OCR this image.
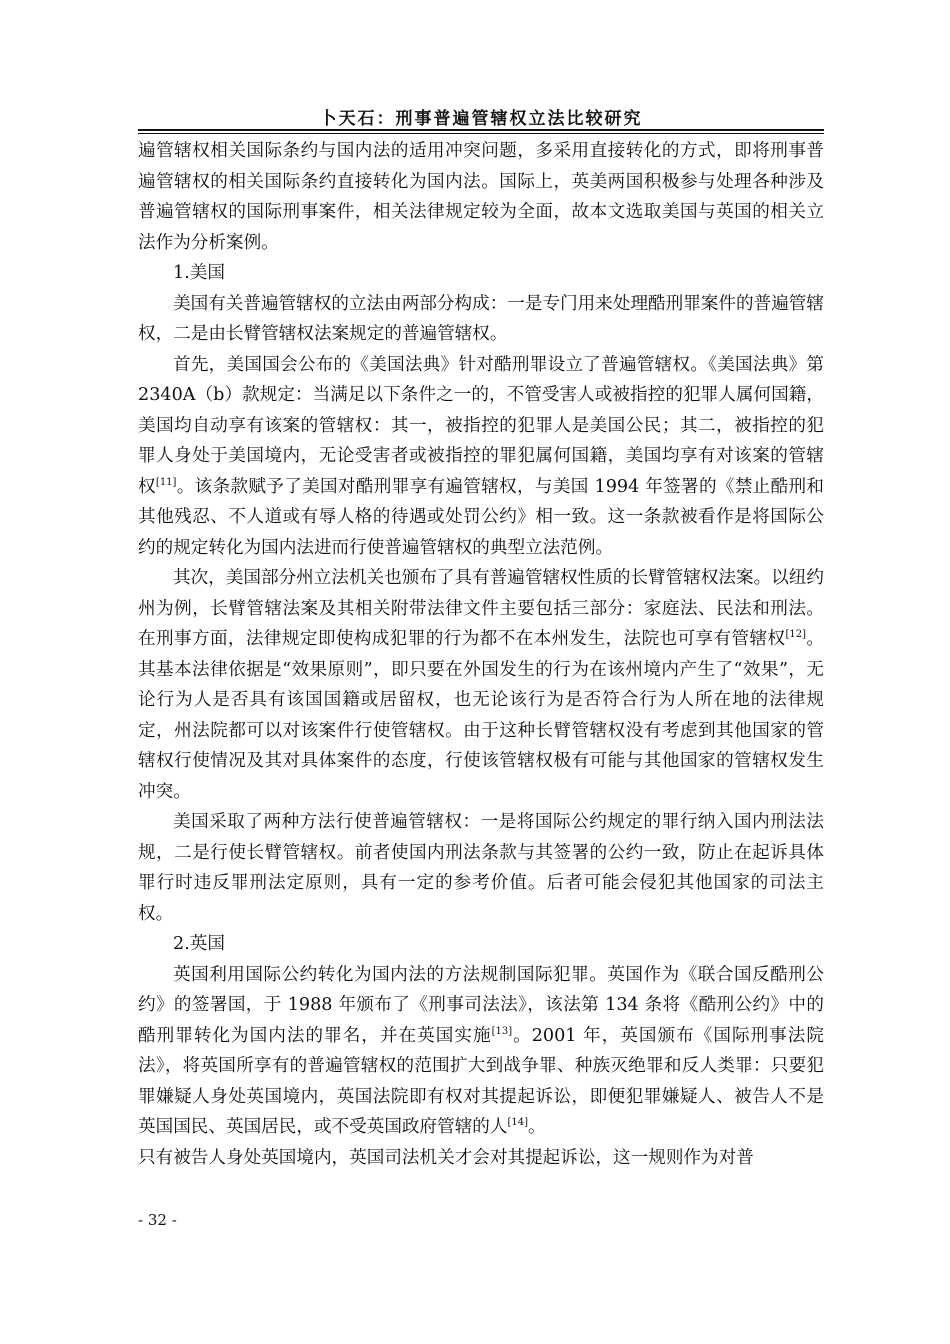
卜天石：刑事普遍管辖权立法比较研究

遍管辖权相关国际条约与国内法的适用冲突问题，多采用直接转化的方式，即将刑事普遍管辖权的相关国际条约直接转化为国内法。国际上，英美两国积极参与处理各种涉及普遍管辖权的国际刑事案件，相关法律规定较为全面，故本文选取美国与英国的相关立法作为分析案例。

1.美国

美国有关普遍管辖权的立法由两部分构成：一是专门用来处理酷刑罪案件的普遍管辖权，二是由长臂管辖权法案规定的普遍管辖权。

首先，美国国会公布的《美国法典》针对酷刑罪设立了普遍管辖权。《美国法典》第 2340A（b）款规定：当满足以下条件之一的，不管受害人或被指控的犯罪人属何国籍，美国均自动享有该案的管辖权：其一，被指控的犯罪人是美国公民；其二，被指控的犯罪人身处于美国境内，无论受害者或被指控的罪犯属何国籍，美国均享有对该案的管辖权[11]。该条款赋予了美国对酷刑罪享有遍管辖权，与美国 1994 年签署的《禁止酷刑和其他残忍、不人道或有辱人格的待遇或处罚公约》相一致。这一条款被看作是将国际公约的规定转化为国内法进而行使普遍管辖权的典型立法范例。

其次，美国部分州立法机关也颁布了具有普遍管辖权性质的长臂管辖权法案。以纽约州为例，长臂管辖法案及其相关附带法律文件主要包括三部分：家庭法、民法和刑法。在刑事方面，法律规定即使构成犯罪的行为都不在本州发生，法院也可享有管辖权[12]。其基本法律依据是“效果原则”，即只要在外国发生的行为在该州境内产生了“效果”，无论行为人是否具有该国国籍或居留权，也无论该行为是否符合行为人所在地的法律规定，州法院都可以对该案件行使管辖权。由于这种长臂管辖权没有考虑到其他国家的管辖权行使情况及其对具体案件的态度，行使该管辖权极有可能与其他国家的管辖权发生冲突。

美国采取了两种方法行使普遍管辖权：一是将国际公约规定的罪行纳入国内刑法法规，二是行使长臂管辖权。前者使国内刑法条款与其签署的公约一致，防止在起诉具体罪行时违反罪刑法定原则，具有一定的参考价值。后者可能会侵犯其他国家的司法主权。

2.英国

英国利用国际公约转化为国内法的方法规制国际犯罪。英国作为《联合国反酷刑公约》的签署国，于 1988 年颁布了《刑事司法法》，该法第 134 条将《酷刑公约》中的酷刑罪转化为国内法的罪名，并在英国实施[13]。2001 年，英国颁布《国际刑事法院法》，将英国所享有的普遍管辖权的范围扩大到战争罪、种族灭绝罪和反人类罪：只要犯罪嫌疑人身处英国境内，英国法院即有权对其提起诉讼，即便犯罪嫌疑人、被告人不是英国国民、英国居民，或不受英国政府管辖的人[14]。

只有被告人身处英国境内，英国司法机关才会对其提起诉讼，这一规则作为对普

- 32 -
